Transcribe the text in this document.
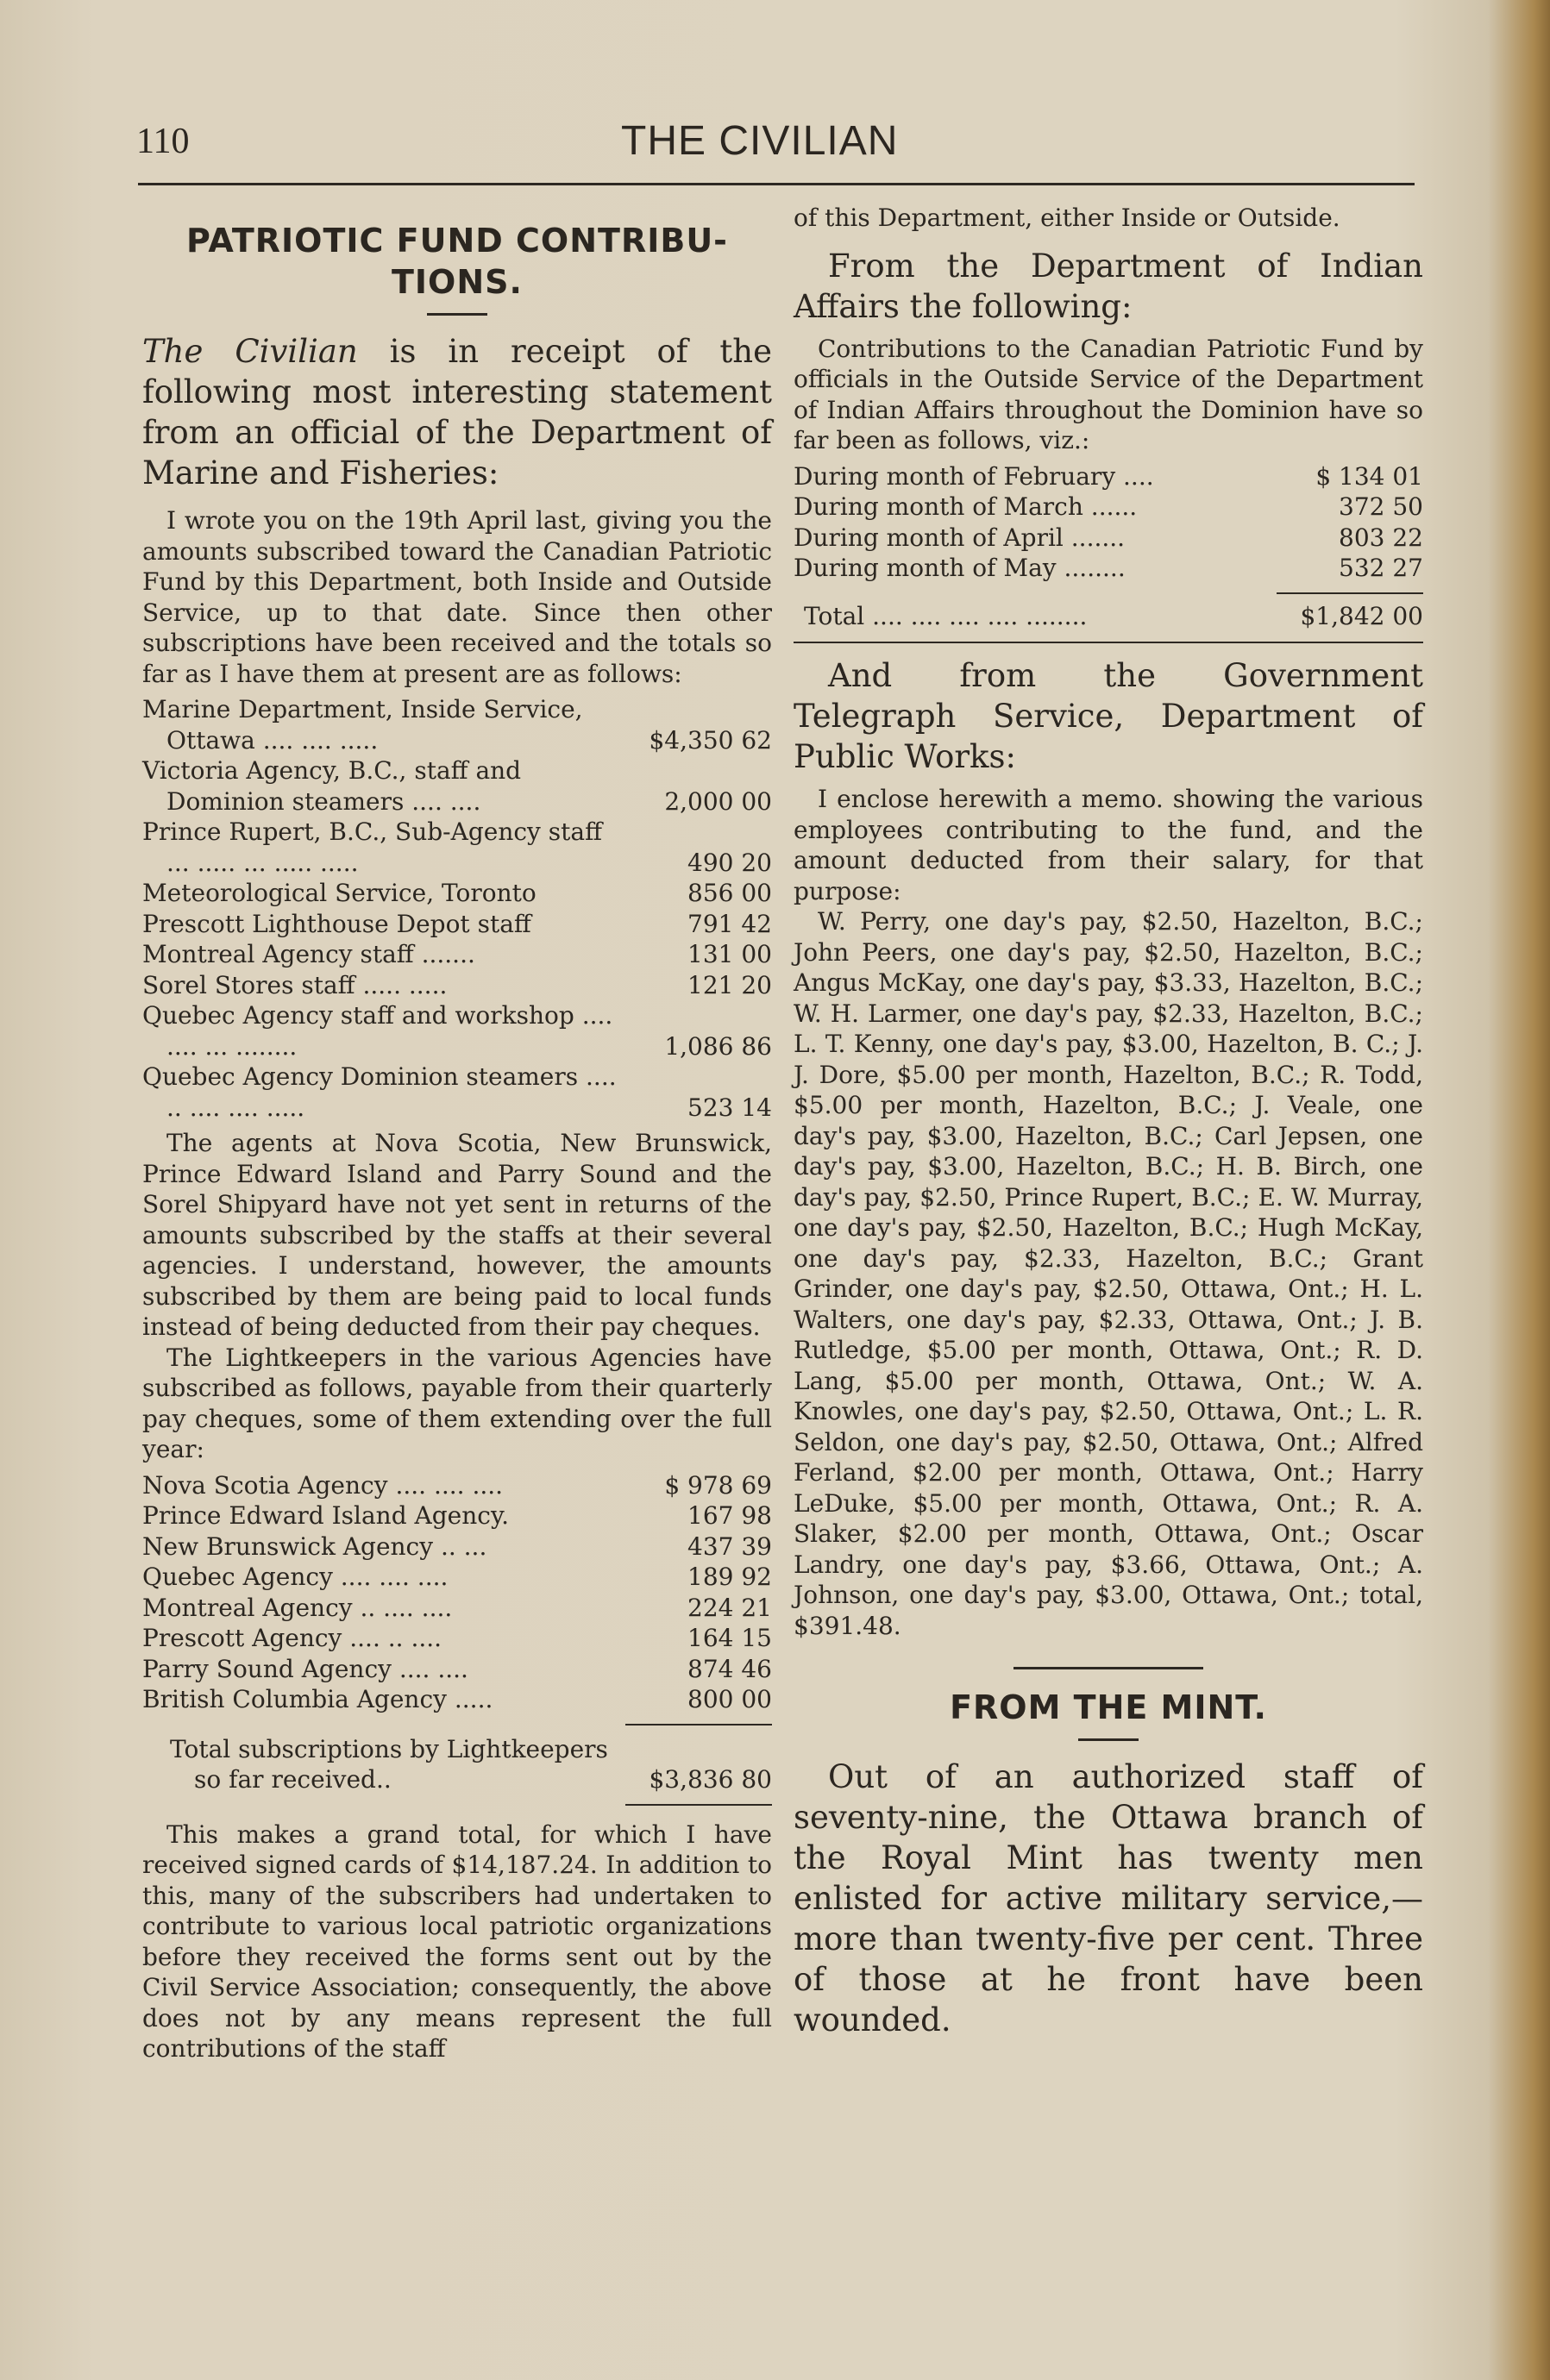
110	THE CIVILIAN
PATRIOTIC FUND CONTRIBU-TIONS.

The Civilian is in receipt of the following most interesting statement from an official of the Department of Marine and Fisheries:

I wrote you on the 19th April last, giving you the amounts subscribed toward the Canadian Patriotic Fund by this Department, both Inside and Outside Service, up to that date. Since then other subscriptions have been received and the totals so far as I have them at present are as follows:

Marine Department, Inside Service, Ottawa .... .... .....	$4,350 62
Victoria Agency, B.C., staff and Dominion steamers .... ....	2,000 00
Prince Rupert, B.C., Sub-Agency staff ... ..... ... ..... .....	490 20
Meteorological Service, Toronto	856 00
Prescott Lighthouse Depot staff	791 42
Montreal Agency staff .......	131 00
Sorel Stores staff ..... .....	121 20
Quebec Agency staff and workshop .... .... ... ........	1,086 86
Quebec Agency Dominion steamers .... .. .... .... .....	523 14

The agents at Nova Scotia, New Brunswick, Prince Edward Island and Parry Sound and the Sorel Shipyard have not yet sent in returns of the amounts subscribed by the staffs at their several agencies. I understand, however, the amounts subscribed by them are being paid to local funds instead of being deducted from their pay cheques.

The Lightkeepers in the various Agencies have subscribed as follows, payable from their quarterly pay cheques, some of them extending over the full year:

Nova Scotia Agency .... .... ....	$ 978 69
Prince Edward Island Agency.	167 98
New Brunswick Agency .. ...	437 39
Quebec Agency .... .... ....	189 92
Montreal Agency .. .... ....	224 21
Prescott Agency .... .. ....	164 15
Parry Sound Agency .... ....	874 46
British Columbia Agency .....	800 00
Total subscriptions by Lightkeepers so far received..	$3,836 80

This makes a grand total, for which I have received signed cards of $14,187.24. In addition to this, many of the subscribers had undertaken to contribute to various local patriotic organizations before they received the forms sent out by the Civil Service Association; consequently, the above does not by any means represent the full contributions of the staff

of this Department, either Inside or Outside.

From the Department of Indian Affairs the following:

Contributions to the Canadian Patriotic Fund by officials in the Outside Service of the Department of Indian Affairs throughout the Dominion have so far been as follows, viz.:

During month of February ....	$ 134 01
During month of March ......	372 50
During month of April .......	803 22
During month of May ........	532 27
Total .... .... .... .... ........	$1,842 00

And from the Government Telegraph Service, Department of Public Works:

I enclose herewith a memo. showing the various employees contributing to the fund, and the amount deducted from their salary, for that purpose:

W. Perry, one day's pay, $2.50, Hazelton, B.C.; John Peers, one day's pay, $2.50, Hazelton, B.C.; Angus McKay, one day's pay, $3.33, Hazelton, B.C.; W. H. Larmer, one day's pay, $2.33, Hazelton, B.C.; L. T. Kenny, one day's pay, $3.00, Hazelton, B. C.; J. J. Dore, $5.00 per month, Hazelton, B.C.; R. Todd, $5.00 per month, Hazelton, B.C.; J. Veale, one day's pay, $3.00, Hazelton, B.C.; Carl Jepsen, one day's pay, $3.00, Hazelton, B.C.; H. B. Birch, one day's pay, $2.50, Prince Rupert, B.C.; E. W. Murray, one day's pay, $2.50, Hazelton, B.C.; Hugh McKay, one day's pay, $2.33, Hazelton, B.C.; Grant Grinder, one day's pay, $2.50, Ottawa, Ont.; H. L. Walters, one day's pay, $2.33, Ottawa, Ont.; J. B. Rutledge, $5.00 per month, Ottawa, Ont.; R. D. Lang, $5.00 per month, Ottawa, Ont.; W. A. Knowles, one day's pay, $2.50, Ottawa, Ont.; L. R. Seldon, one day's pay, $2.50, Ottawa, Ont.; Alfred Ferland, $2.00 per month, Ottawa, Ont.; Harry LeDuke, $5.00 per month, Ottawa, Ont.; R. A. Slaker, $2.00 per month, Ottawa, Ont.; Oscar Landry, one day's pay, $3.66, Ottawa, Ont.; A. Johnson, one day's pay, $3.00, Ottawa, Ont.; total, $391.48.

FROM THE MINT.

Out of an authorized staff of seventy-nine, the Ottawa branch of the Royal Mint has twenty men enlisted for active military service,—more than twenty-five per cent. Three of those at he front have been wounded.
